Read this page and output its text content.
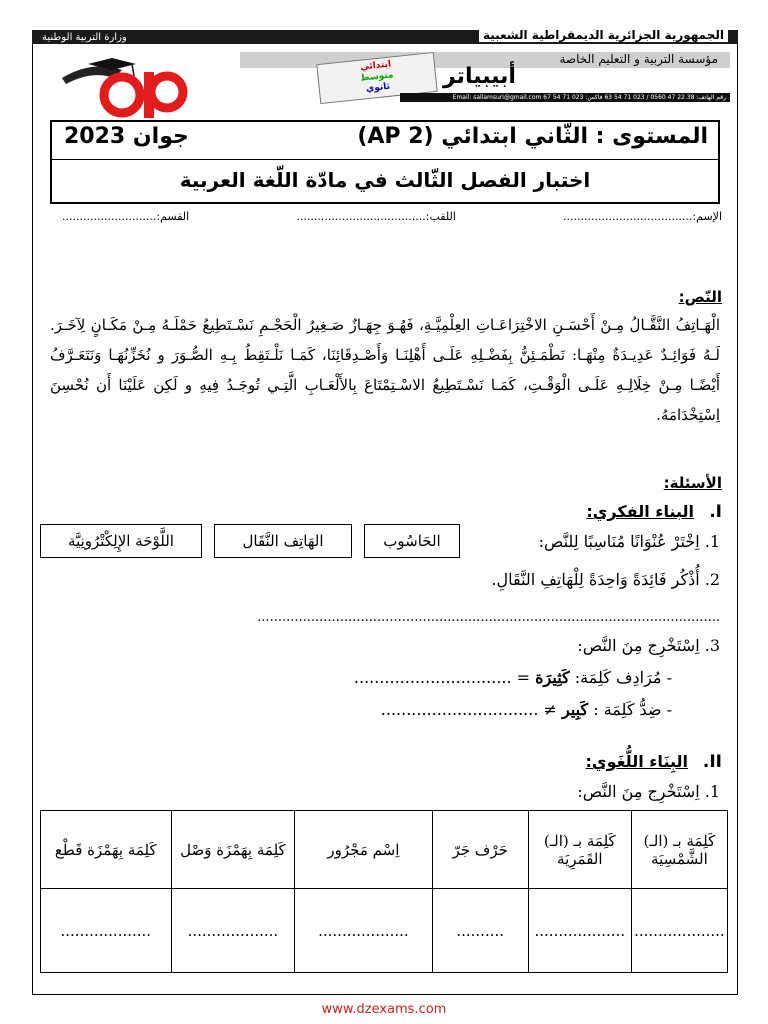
الجمهورية الجزائرية الديمقراطية الشعبية
وزارة التربية الوطنية
مؤسسة التربية و التعليم الخاصة
أبيبياتر
ابتدائي
متوسط
ثانوي
رقم الهاتف: 38 22 47 0560 / 023 71 54 63 فاكس: 023 71 54 67 Email: sallamsuri@gmail.com
المستوى : الثّاني ابتدائي (2 AP)
جوان 2023
اختبار الفصل الثّالث في مادّة اللّغة العربية
الإسم:.....................................
اللقب:.....................................
القسم:...........................
النّص:
الْهَـاتِفُ النَّقَّـالُ مِـنْ أَحْسَـنِ الاخْتِرَاعَـاتِ العِلْمِيَّـةِ، فَهُـوَ جِهَـازٌ صَـغِيرُ الْحَجْـمِ نَسْـتَطِيعُ حَمْلَـهُ مِـنْ مَكَـانٍ لِآخَـرَ. لَـهُ فَوَائِـدٌ عَدِيـدَةٌ مِنْهَـا: نَطْمَـئِنُّ بِفَضْـلِهِ عَلَـى أَهْلِنَـا وَأَصْـدِقَائِنَا، كَمَـا نَلْـتَقِطُ بِـهِ الصُّـوَرَ و نُخَزِّنُهَـا وَنَتَعَـرَّفُ أَيْضًـا مِـنْ خِلَالِـهِ عَلَـى الْوَقْـتِ، كَمَـا نَسْـتَطِيعُ الاسْـتِمْتَاعَ بِالأَلْعَـابِ الَّتِـي تُوجَـدُ فِيهِ و لَكِن عَلَيْنَا أَن نُحْسِنَ اِسْتِخْدَامَهُ.
الأسئلة:
I.
البناء الفكري:
1. اِخْتَرْ عُنْوَانًا مُنَاسِبًا لِلنَّص:
الحَاسُوب
الهَاتِف النَّقَال
اللَّوْحَة الإِلِكْتْرُونِيَّة
2. أُذْكُر فَائِدَةً وَاحِدَةً لِلْهَاتِفِ النَّقَالِ.
................................................................................................................
3. اِسْتَخْرِج مِنَ النَّص:
- مُرَادِف كَلِمَة: كَثِيرَة = ...............................
- ضِدُّ كَلِمَة : كَبِير ≠ ...............................
II.
البِنَاء اللُّغَوي:
1. اِسْتَخْرِج مِنَ النَّص:
كَلِمَة بـ (الـ) الشَّمْسِيَة	كَلِمَة بـ (الـ) القَمَرِيَة	حَرْف جَرّ	اِسْم مَجْرُور	كَلِمَة بِهَمْزَة وَصْل	كَلِمَة بِهَمْزَة قَطْع
...................	...................	..........	...................	...................	...................
www.dzexams.com
